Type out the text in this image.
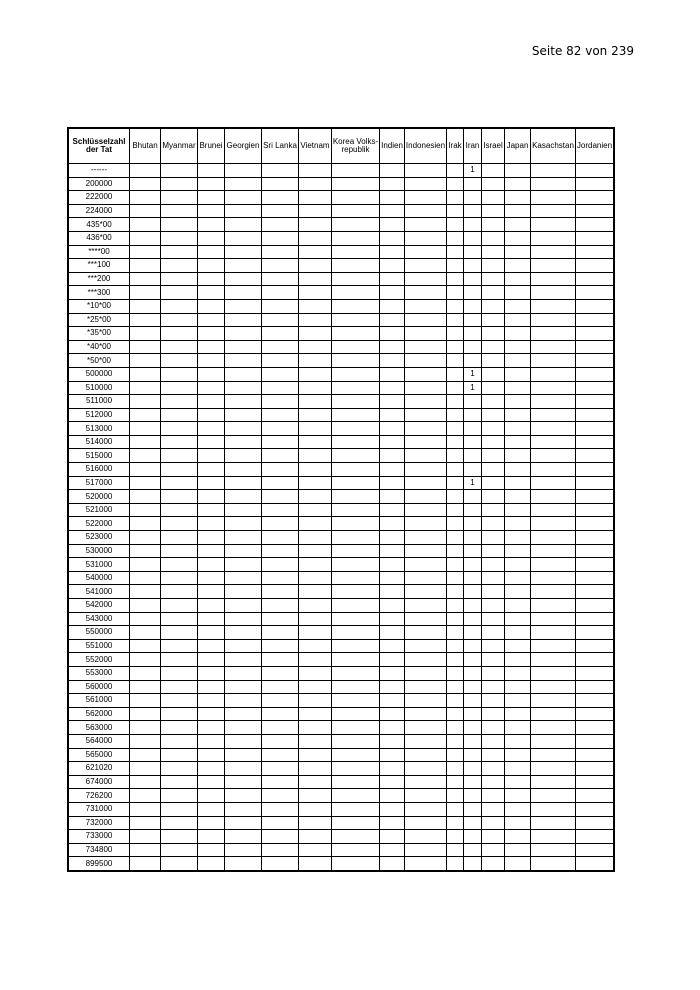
Seite 82 von 239
Schlüsselzahl der Tat	Bhutan	Myanmar	Brunei	Georgien	Sri Lanka	Vietnam	Korea Volks-republik	Indien	Indonesien	Irak	Iran	Israel	Japan	Kasachstan	Jordanien
------											1				
200000															
222000															
224000															
435*00															
436*00															
****00															
***100															
***200															
***300															
*10*00															
*25*00															
*35*00															
*40*00															
*50*00															
500000											1				
510000											1				
511000															
512000															
513000															
514000															
515000															
516000															
517000											1				
520000															
521000															
522000															
523000															
530000															
531000															
540000															
541000															
542000															
543000															
550000															
551000															
552000															
553000															
560000															
561000															
562000															
563000															
564000															
565000															
621020															
674000															
726200															
731000															
732000															
733000															
734800															
899500															
